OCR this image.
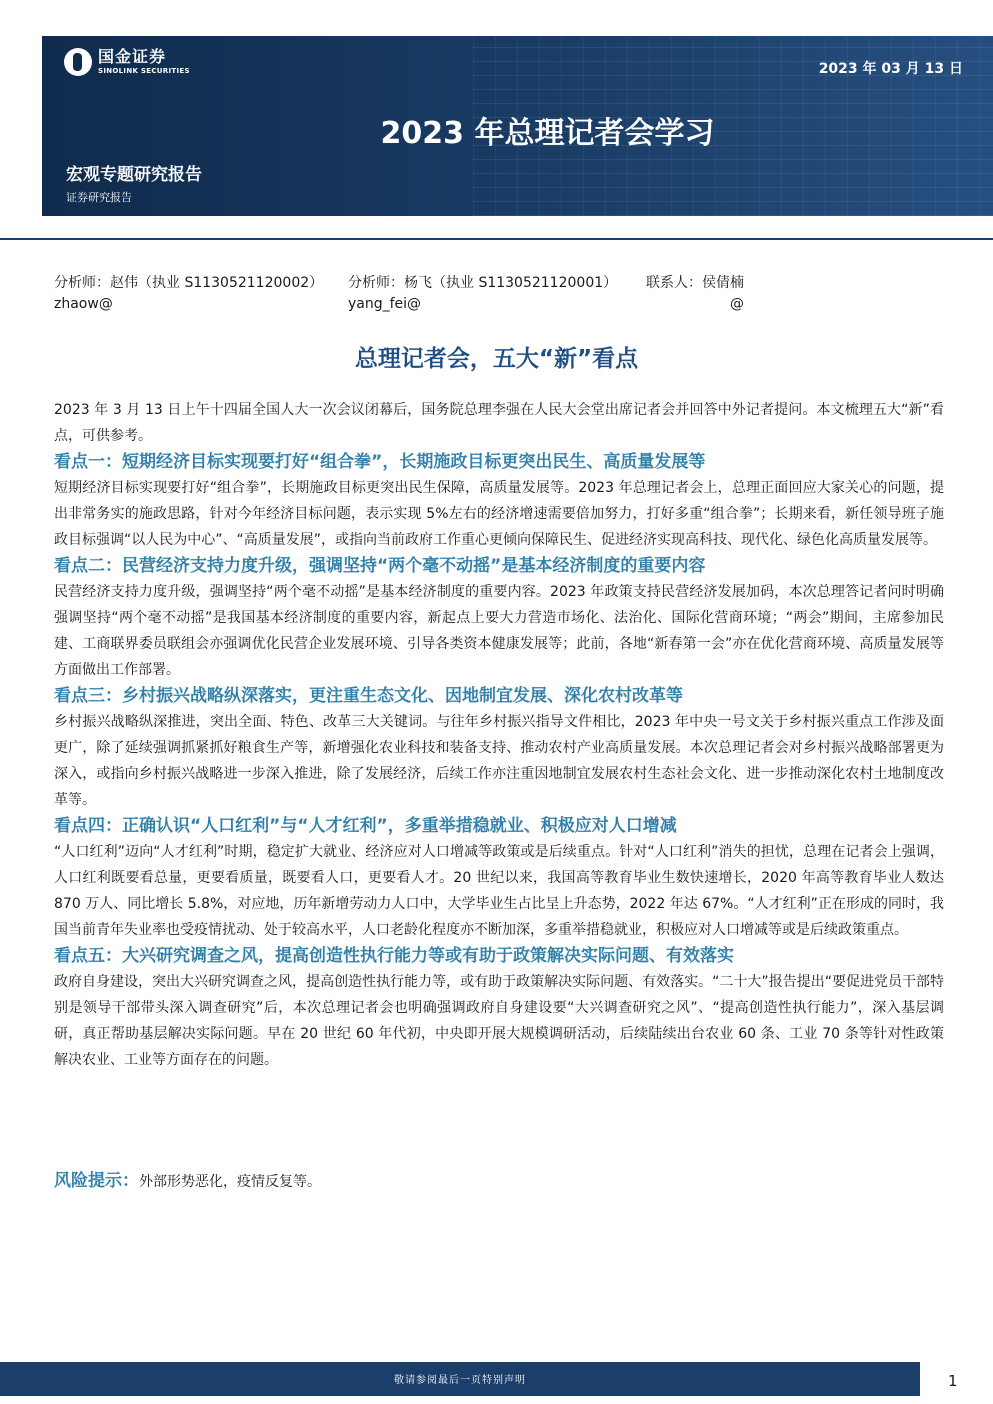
国金证券
SINOLINK SECURITIES	2023 年 03 月 13 日
2023 年总理记者会学习
宏观专题研究报告
证券研究报告
分析师：赵伟（执业 S1130521120002）
zhaow@
分析师：杨飞（执业 S1130521120001）
yang_fei@
联系人：侯倩楠
@
总理记者会，五大“新”看点

2023 年 3 月 13 日上午十四届全国人大一次会议闭幕后，国务院总理李强在人民大会堂出席记者会并回答中外记者提问。本文梳理五大“新”看点，可供参考。

看点一：短期经济目标实现要打好“组合拳”，长期施政目标更突出民生、高质量发展等

短期经济目标实现要打好“组合拳”，长期施政目标更突出民生保障，高质量发展等。2023 年总理记者会上，总理正面回应大家关心的问题，提出非常务实的施政思路，针对今年经济目标问题，表示实现 5%左右的经济增速需要倍加努力，打好多重“组合拳”；长期来看，新任领导班子施政目标强调“以人民为中心”、“高质量发展”，或指向当前政府工作重心更倾向保障民生、促进经济实现高科技、现代化、绿色化高质量发展等。

看点二：民营经济支持力度升级，强调坚持“两个毫不动摇”是基本经济制度的重要内容

民营经济支持力度升级，强调坚持“两个毫不动摇”是基本经济制度的重要内容。2023 年政策支持民营经济发展加码，本次总理答记者问时明确强调坚持“两个毫不动摇”是我国基本经济制度的重要内容，新起点上要大力营造市场化、法治化、国际化营商环境；“两会”期间，主席参加民建、工商联界委员联组会亦强调优化民营企业发展环境、引导各类资本健康发展等；此前，各地“新春第一会”亦在优化营商环境、高质量发展等方面做出工作部署。

看点三：乡村振兴战略纵深落实，更注重生态文化、因地制宜发展、深化农村改革等

乡村振兴战略纵深推进，突出全面、特色、改革三大关键词。与往年乡村振兴指导文件相比，2023 年中央一号文关于乡村振兴重点工作涉及面更广，除了延续强调抓紧抓好粮食生产等，新增强化农业科技和装备支持、推动农村产业高质量发展。本次总理记者会对乡村振兴战略部署更为深入，或指向乡村振兴战略进一步深入推进，除了发展经济，后续工作亦注重因地制宜发展农村生态社会文化、进一步推动深化农村土地制度改革等。

看点四：正确认识“人口红利”与“人才红利”，多重举措稳就业、积极应对人口增减

“人口红利”迈向“人才红利”时期，稳定扩大就业、经济应对人口增减等政策或是后续重点。针对“人口红利”消失的担忧，总理在记者会上强调，人口红利既要看总量，更要看质量，既要看人口，更要看人才。20 世纪以来，我国高等教育毕业生数快速增长，2020 年高等教育毕业人数达 870 万人、同比增长 5.8%，对应地，历年新增劳动力人口中，大学毕业生占比呈上升态势，2022 年达 67%。“人才红利”正在形成的同时，我国当前青年失业率也受疫情扰动、处于较高水平，人口老龄化程度亦不断加深，多重举措稳就业，积极应对人口增减等或是后续政策重点。

看点五：大兴研究调查之风，提高创造性执行能力等或有助于政策解决实际问题、有效落实

政府自身建设，突出大兴研究调查之风，提高创造性执行能力等，或有助于政策解决实际问题、有效落实。“二十大”报告提出“要促进党员干部特别是领导干部带头深入调查研究”后，本次总理记者会也明确强调政府自身建设要“大兴调查研究之风”、“提高创造性执行能力”，深入基层调研，真正帮助基层解决实际问题。早在 20 世纪 60 年代初，中央即开展大规模调研活动，后续陆续出台农业 60 条、工业 70 条等针对性政策解决农业、工业等方面存在的问题。

风险提示：外部形势恶化，疫情反复等。
敬请参阅最后一页特别声明	1
